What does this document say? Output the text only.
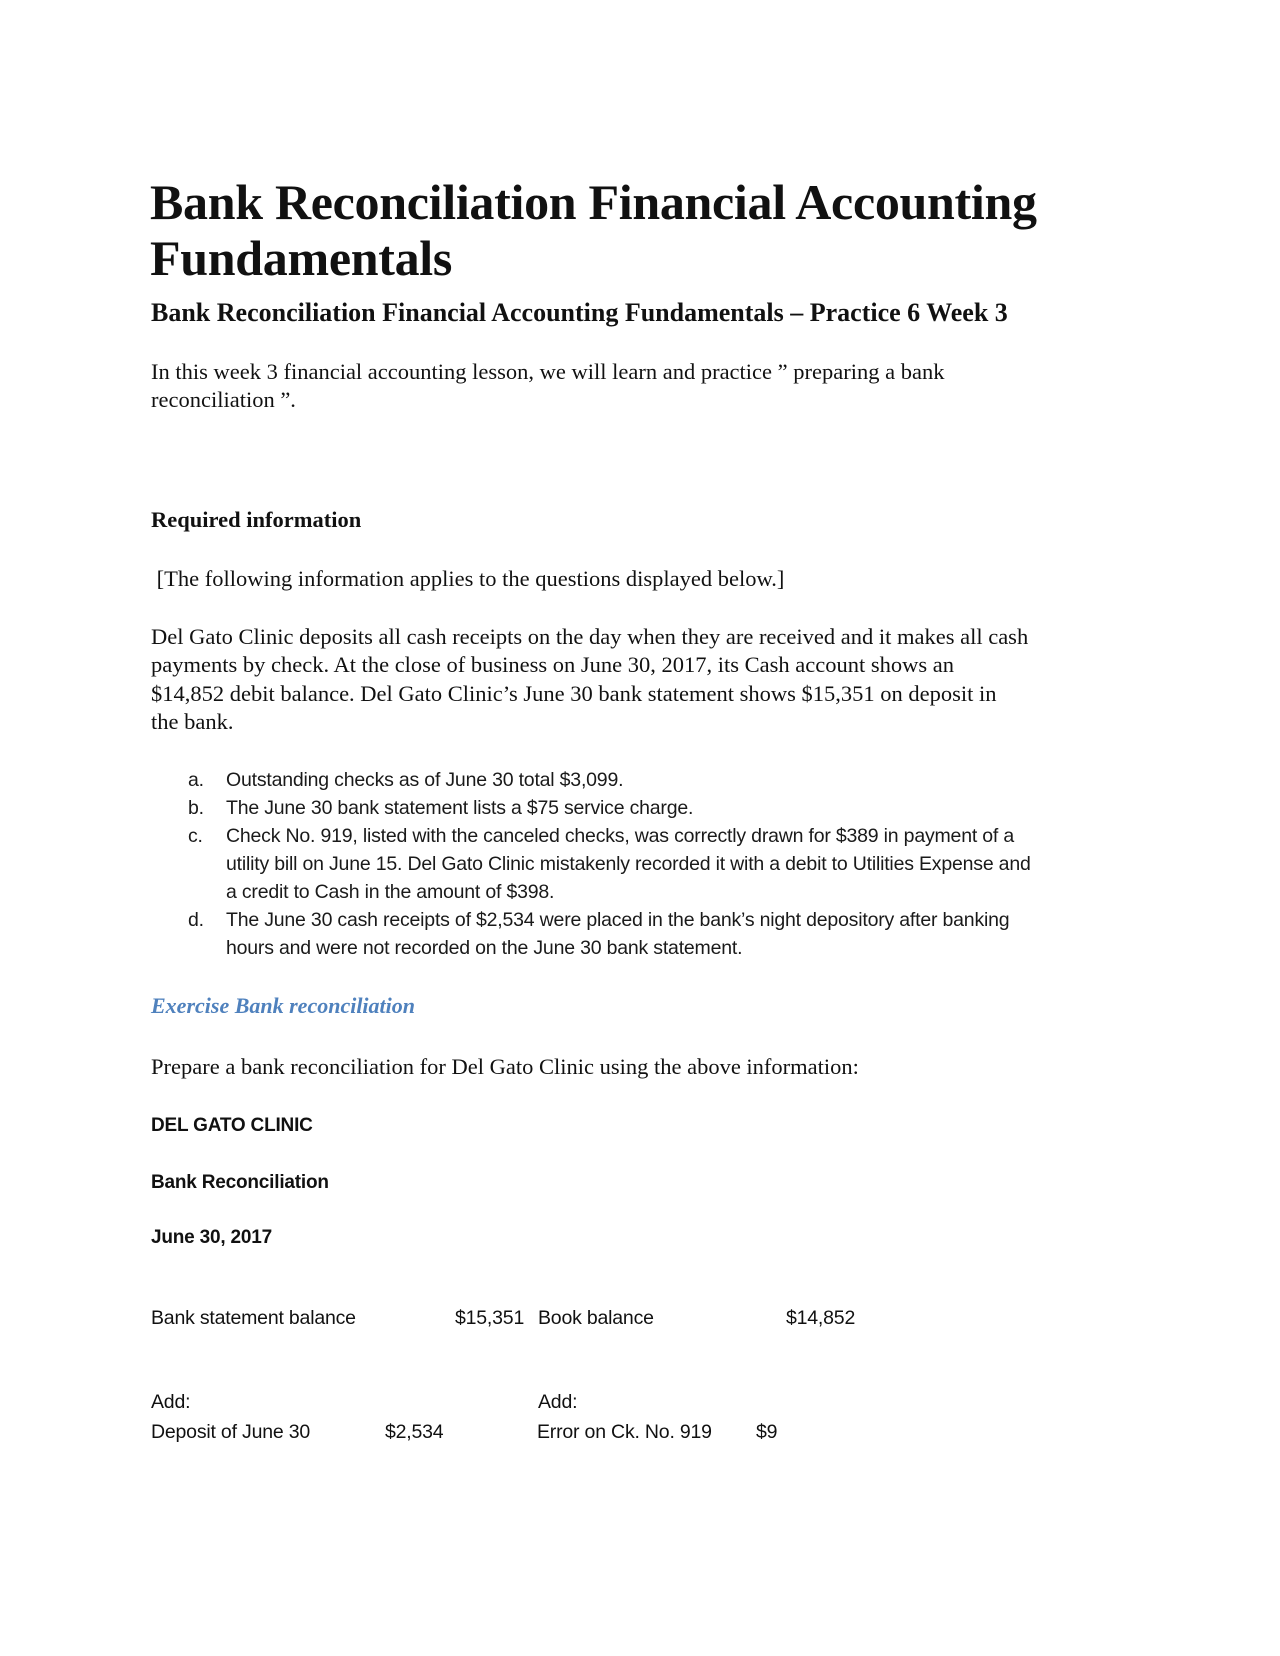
Bank Reconciliation Financial Accounting
Fundamentals
Bank Reconciliation Financial Accounting Fundamentals – Practice 6 Week 3
In this week 3 financial accounting lesson, we will learn and practice ” preparing a bank
reconciliation ”.
Required information
[The following information applies to the questions displayed below.]
Del Gato Clinic deposits all cash receipts on the day when they are received and it makes all cash
payments by check. At the close of business on June 30, 2017, its Cash account shows an
$14,852 debit balance. Del Gato Clinic’s June 30 bank statement shows $15,351 on deposit in
the bank.
a. Outstanding checks as of June 30 total $3,099.
b. The June 30 bank statement lists a $75 service charge.
c. Check No. 919, listed with the canceled checks, was correctly drawn for $389 in payment of a
utility bill on June 15. Del Gato Clinic mistakenly recorded it with a debit to Utilities Expense and
a credit to Cash in the amount of $398.
d. The June 30 cash receipts of $2,534 were placed in the bank’s night depository after banking
hours and were not recorded on the June 30 bank statement.
Exercise Bank reconciliation
Prepare a bank reconciliation for Del Gato Clinic using the above information:
DEL GATO CLINIC
Bank Reconciliation
June 30, 2017
Bank statement balance	$15,351 Book balance	$14,852
Add:	Add:
Deposit of June 30	$2,534	Error on Ck. No. 919 $9
